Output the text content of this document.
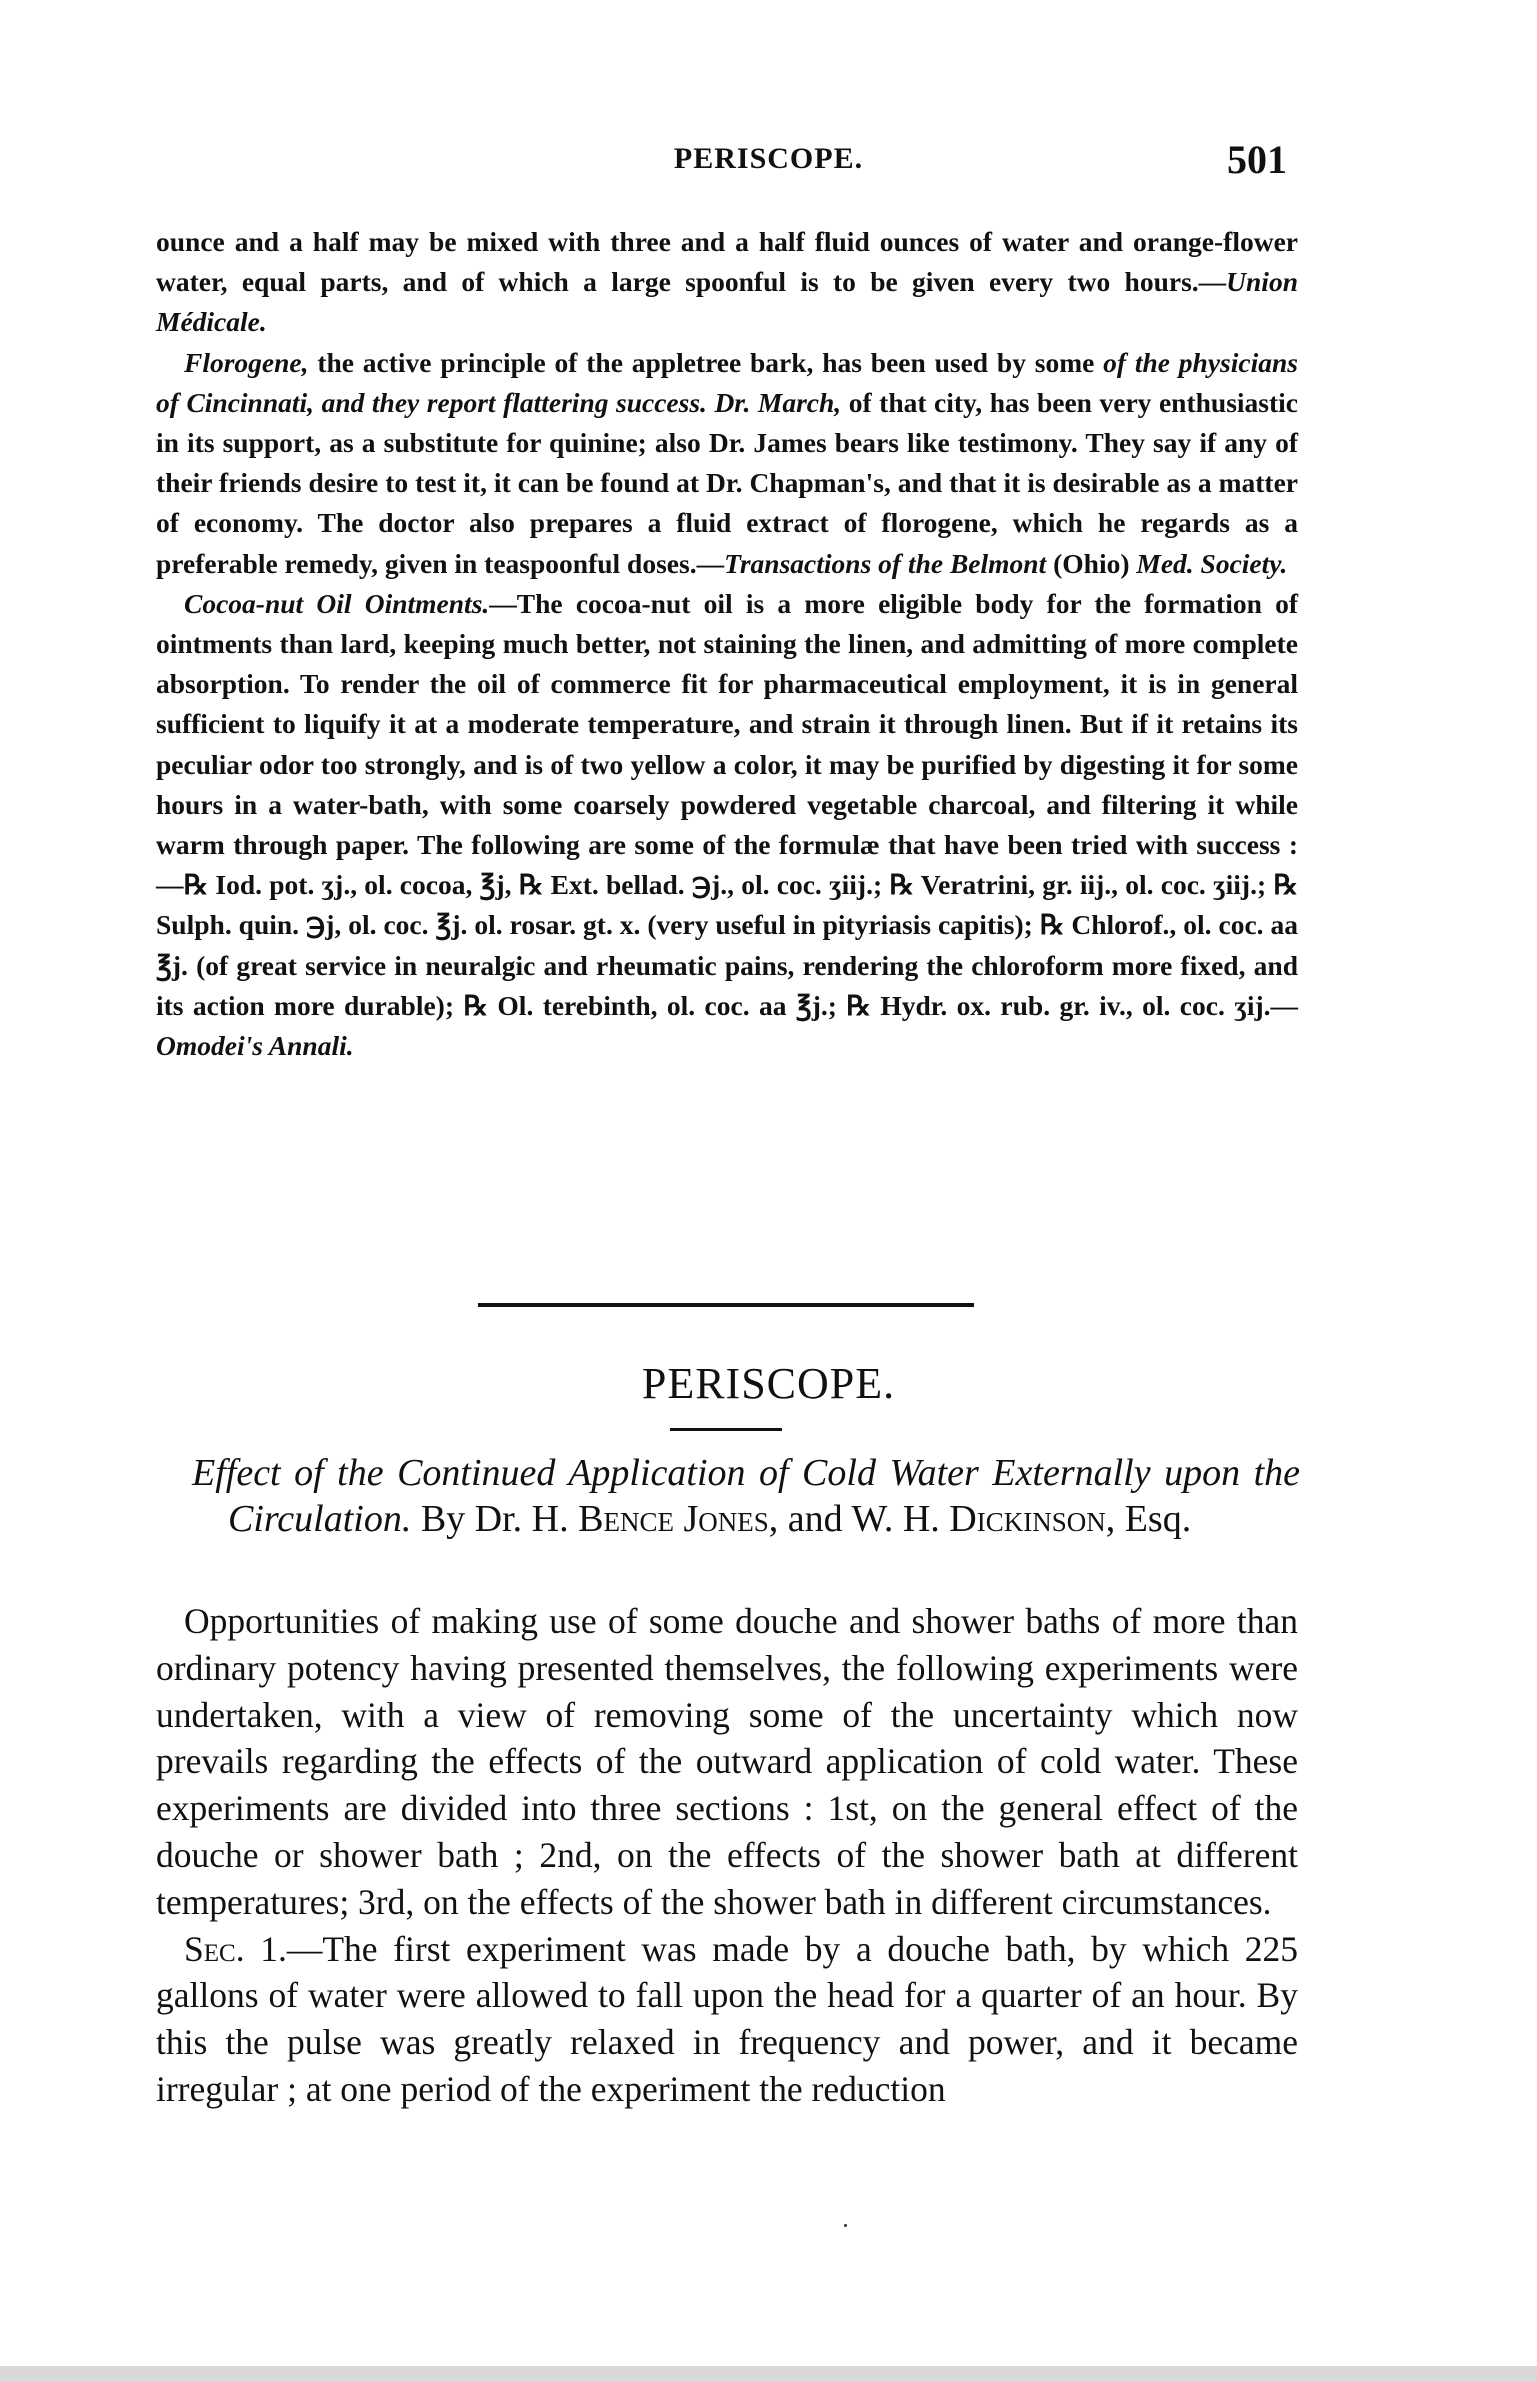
PERISCOPE.	501

ounce and a half may be mixed with three and a half fluid ounces of water and orange-flower water, equal parts, and of which a large spoonful is to be given every two hours.—Union Médicale.

Florogene, the active principle of the appletree bark, has been used by some of the physicians of Cincinnati, and they report flattering success. Dr. March, of that city, has been very enthusiastic in its support, as a substitute for quinine; also Dr. James bears like testimony. They say if any of their friends desire to test it, it can be found at Dr. Chapman's, and that it is desirable as a matter of economy. The doctor also prepares a fluid extract of florogene, which he regards as a preferable remedy, given in teaspoonful doses.—Transactions of the Belmont (Ohio) Med. Society.

Cocoa-nut Oil Ointments.—The cocoa-nut oil is a more eligible body for the formation of ointments than lard, keeping much better, not staining the linen, and admitting of more complete absorption. To render the oil of commerce fit for pharmaceutical employment, it is in general sufficient to liquify it at a moderate temperature, and strain it through linen. But if it retains its peculiar odor too strongly, and is of two yellow a color, it may be purified by digesting it for some hours in a water-bath, with some coarsely powdered vegetable charcoal, and filtering it while warm through paper. The following are some of the formulæ that have been tried with success :—℞ Iod. pot. ʒj., ol. cocoa, ℥j, ℞ Ext. bellad. ℈j., ol. coc. ʒiij.; ℞ Veratrini, gr. iij., ol. coc. ʒiij.; ℞ Sulph. quin. ℈j, ol. coc. ℥j. ol. rosar. gt. x. (very useful in pityriasis capitis); ℞ Chlorof., ol. coc. aa ℥j. (of great service in neuralgic and rheumatic pains, rendering the chloroform more fixed, and its action more durable); ℞ Ol. terebinth, ol. coc. aa ℥j.; ℞ Hydr. ox. rub. gr. iv., ol. coc. ʒij.—Omodei's Annali.

PERISCOPE.

Effect of the Continued Application of Cold Water Externally upon the Circulation. By Dr. H. Bence Jones, and W. H. Dickinson, Esq.

Opportunities of making use of some douche and shower baths of more than ordinary potency having presented themselves, the following experiments were undertaken, with a view of removing some of the uncertainty which now prevails regarding the effects of the outward application of cold water. These experiments are divided into three sections : 1st, on the general effect of the douche or shower bath ; 2nd, on the effects of the shower bath at different temperatures; 3rd, on the effects of the shower bath in different circumstances.

Sec. 1.—The first experiment was made by a douche bath, by which 225 gallons of water were allowed to fall upon the head for a quarter of an hour. By this the pulse was greatly relaxed in frequency and power, and it became irregular ; at one period of the experiment the reduction
